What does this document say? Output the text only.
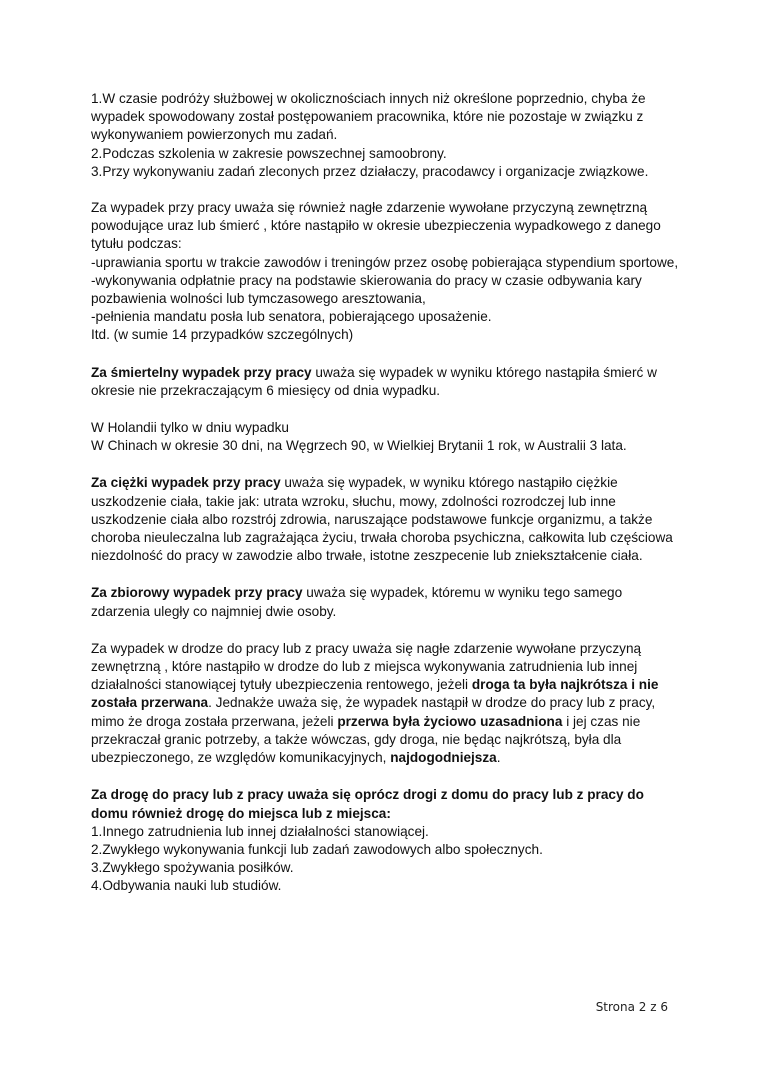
1.W czasie podróży służbowej w okolicznościach innych niż określone poprzednio, chyba że wypadek spowodowany został postępowaniem pracownika, które nie pozostaje w związku z wykonywaniem powierzonych mu zadań.

2.Podczas szkolenia w zakresie powszechnej samoobrony.

3.Przy wykonywaniu zadań zleconych przez działaczy, pracodawcy i organizacje związkowe.

Za wypadek przy pracy uważa się również nagłe zdarzenie wywołane przyczyną zewnętrzną powodujące uraz lub śmierć , które nastąpiło w okresie ubezpieczenia wypadkowego z danego tytułu podczas:

-uprawiania sportu w trakcie zawodów i treningów przez osobę pobierająca stypendium sportowe,

-wykonywania odpłatnie pracy na podstawie skierowania do pracy w czasie odbywania kary pozbawienia wolności lub tymczasowego aresztowania,

-pełnienia mandatu posła lub senatora, pobierającego uposażenie.

Itd. (w sumie 14 przypadków szczególnych)

Za śmiertelny wypadek przy pracy uważa się wypadek w wyniku którego nastąpiła śmierć w okresie nie przekraczającym 6 miesięcy od dnia wypadku.

W Holandii tylko w dniu wypadku

W Chinach w okresie 30 dni, na Węgrzech 90, w Wielkiej Brytanii 1 rok, w Australii 3 lata.

Za ciężki wypadek przy pracy uważa się wypadek, w wyniku którego nastąpiło ciężkie uszkodzenie ciała, takie jak: utrata wzroku, słuchu, mowy, zdolności rozrodczej lub inne uszkodzenie ciała albo rozstrój zdrowia, naruszające podstawowe funkcje organizmu, a także choroba nieuleczalna lub zagrażająca życiu, trwała choroba psychiczna, całkowita lub częściowa niezdolność do pracy w zawodzie albo trwałe, istotne zeszpecenie lub zniekształcenie ciała.

Za zbiorowy wypadek przy pracy uważa się wypadek, któremu w wyniku tego samego zdarzenia uległy co najmniej dwie osoby.

Za wypadek w drodze do pracy lub z pracy uważa się nagłe zdarzenie wywołane przyczyną zewnętrzną , które nastąpiło w drodze do lub z miejsca wykonywania zatrudnienia lub innej działalności stanowiącej tytuły ubezpieczenia rentowego, jeżeli droga ta była najkrótsza i nie została przerwana. Jednakże uważa się, że wypadek nastąpił w drodze do pracy lub z pracy, mimo że droga została przerwana, jeżeli przerwa była życiowo uzasadniona i jej czas nie przekraczał granic potrzeby, a także wówczas, gdy droga, nie będąc najkrótszą, była dla ubezpieczonego, ze względów komunikacyjnych, najdogodniejsza.

Za drogę do pracy lub z pracy uważa się oprócz drogi z domu do pracy lub z pracy do domu również drogę do miejsca lub z miejsca:

1.Innego zatrudnienia lub innej działalności stanowiącej.

2.Zwykłego wykonywania funkcji lub zadań zawodowych albo społecznych.

3.Zwykłego spożywania posiłków.

4.Odbywania nauki lub studiów.

Strona 2 z 6
